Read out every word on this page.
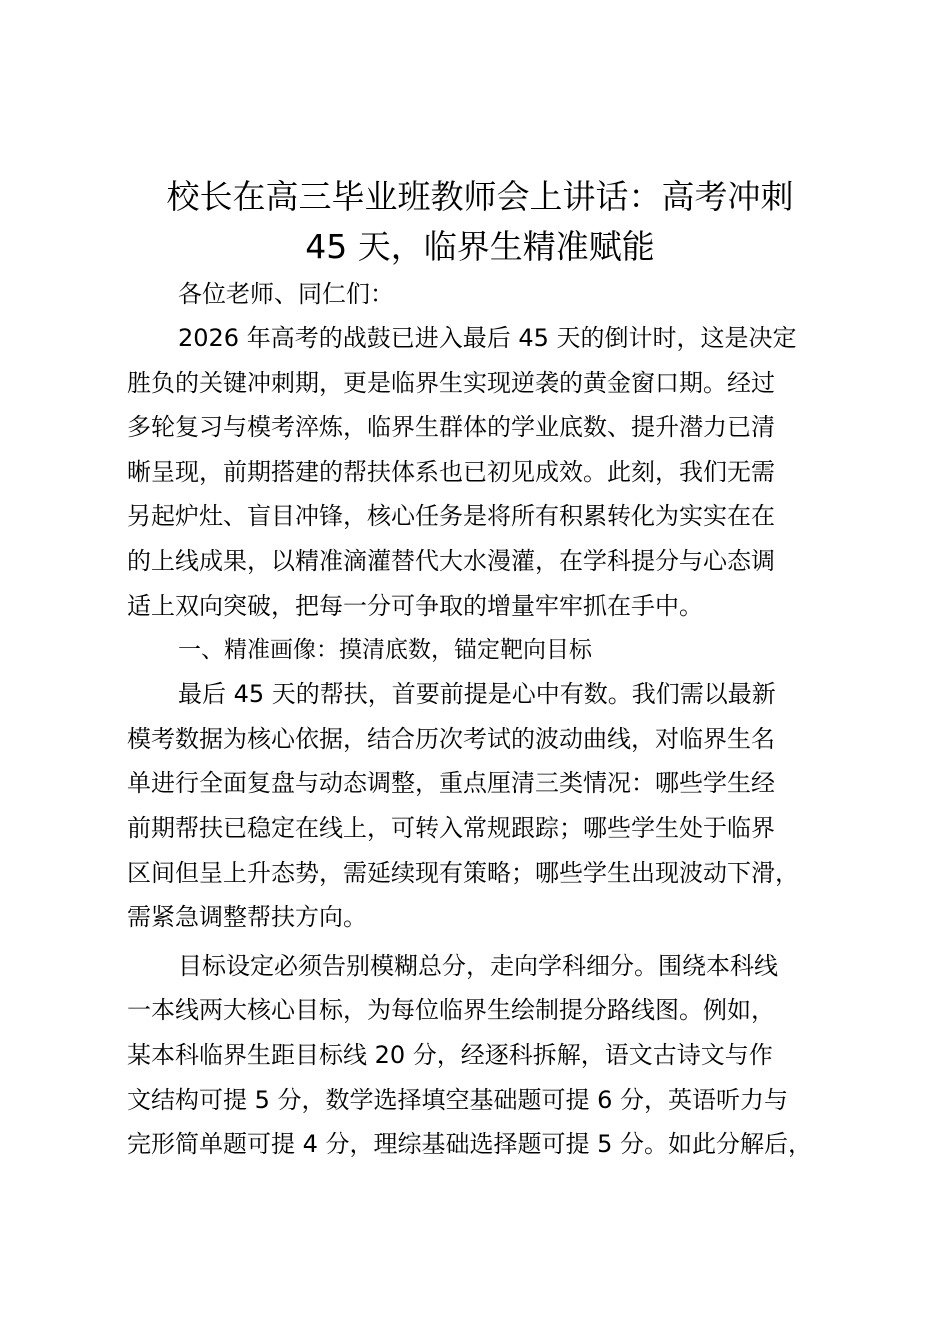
校长在高三毕业班教师会上讲话：高考冲刺
45 天，临界生精准赋能

各位老师、同仁们：

2026 年高考的战鼓已进入最后 45 天的倒计时，这是决定
胜负的关键冲刺期，更是临界生实现逆袭的黄金窗口期。经过
多轮复习与模考淬炼，临界生群体的学业底数、提升潜力已清
晰呈现，前期搭建的帮扶体系也已初见成效。此刻，我们无需
另起炉灶、盲目冲锋，核心任务是将所有积累转化为实实在在
的上线成果，以精准滴灌替代大水漫灌，在学科提分与心态调
适上双向突破，把每一分可争取的增量牢牢抓在手中。

一、精准画像：摸清底数，锚定靶向目标

最后 45 天的帮扶，首要前提是心中有数。我们需以最新
模考数据为核心依据，结合历次考试的波动曲线，对临界生名
单进行全面复盘与动态调整，重点厘清三类情况：哪些学生经
前期帮扶已稳定在线上，可转入常规跟踪；哪些学生处于临界
区间但呈上升态势，需延续现有策略；哪些学生出现波动下滑，
需紧急调整帮扶方向。
目标设定必须告别模糊总分，走向学科细分。围绕本科线
一本线两大核心目标，为每位临界生绘制提分路线图。例如，
某本科临界生距目标线 20 分，经逐科拆解，语文古诗文与作
文结构可提 5 分，数学选择填空基础题可提 6 分，英语听力与
完形简单题可提 4 分，理综基础选择题可提 5 分。如此分解后，
